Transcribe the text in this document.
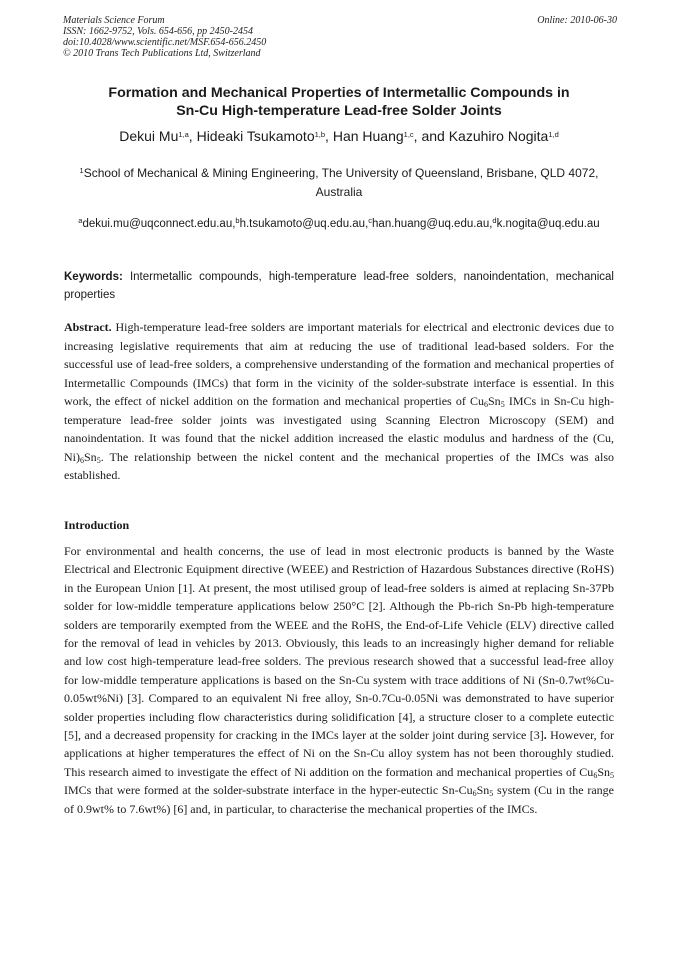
Materials Science Forum
ISSN: 1662-9752, Vols. 654-656, pp 2450-2454
doi:10.4028/www.scientific.net/MSF.654-656.2450
© 2010 Trans Tech Publications Ltd, Switzerland
Online: 2010-06-30
Formation and Mechanical Properties of Intermetallic Compounds in
Sn-Cu High-temperature Lead-free Solder Joints
Dekui Mu$^{1,a}$, Hideaki Tsukamoto$^{1,b}$, Han Huang$^{1,c}$, and Kazuhiro Nogita$^{1,d}$
$^1$School of Mechanical & Mining Engineering, The University of Queensland, Brisbane, QLD 4072, Australia
$^a$dekui.mu@uqconnect.edu.au,$^b$h.tsukamoto@uq.edu.au,$^c$han.huang@uq.edu.au,$^d$k.nogita@uq.edu.au
Keywords: Intermetallic compounds, high-temperature lead-free solders, nanoindentation, mechanical properties
Abstract. High-temperature lead-free solders are important materials for electrical and electronic devices due to increasing legislative requirements that aim at reducing the use of traditional lead-based solders. For the successful use of lead-free solders, a comprehensive understanding of the formation and mechanical properties of Intermetallic Compounds (IMCs) that form in the vicinity of the solder-substrate interface is essential. In this work, the effect of nickel addition on the formation and mechanical properties of $Cu_6Sn_5$ IMCs in Sn-Cu high-temperature lead-free solder joints was investigated using Scanning Electron Microscopy (SEM) and nanoindentation. It was found that the nickel addition increased the elastic modulus and hardness of the (Cu, $Ni)_6Sn_5$. The relationship between the nickel content and the mechanical properties of the IMCs was also established.
Introduction
For environmental and health concerns, the use of lead in most electronic products is banned by the Waste Electrical and Electronic Equipment directive (WEEE) and Restriction of Hazardous Substances directive (RoHS) in the European Union [1]. At present, the most utilised group of lead-free solders is aimed at replacing Sn-37Pb solder for low-middle temperature applications below 250°C [2]. Although the Pb-rich Sn-Pb high-temperature solders are temporarily exempted from the WEEE and the RoHS, the End-of-Life Vehicle (ELV) directive called for the removal of lead in vehicles by 2013. Obviously, this leads to an increasingly higher demand for reliable and low cost high-temperature lead-free solders. The previous research showed that a successful lead-free alloy for low-middle temperature applications is based on the Sn-Cu system with trace additions of Ni (Sn-0.7wt%Cu-0.05wt%Ni) [3]. Compared to an equivalent Ni free alloy, Sn-0.7Cu-0.05Ni was demonstrated to have superior solder properties including flow characteristics during solidification [4], a structure closer to a complete eutectic [5], and a decreased propensity for cracking in the IMCs layer at the solder joint during service [3]. However, for applications at higher temperatures the effect of Ni on the Sn-Cu alloy system has not been thoroughly studied. This research aimed to investigate the effect of Ni addition on the formation and mechanical properties of $Cu_6Sn_5$ IMCs that were formed at the solder-substrate interface in the hyper-eutectic $Sn-Cu_6Sn_5$ system (Cu in the range of 0.9wt% to 7.6wt%) [6] and, in particular, to characterise the mechanical properties of the IMCs.
